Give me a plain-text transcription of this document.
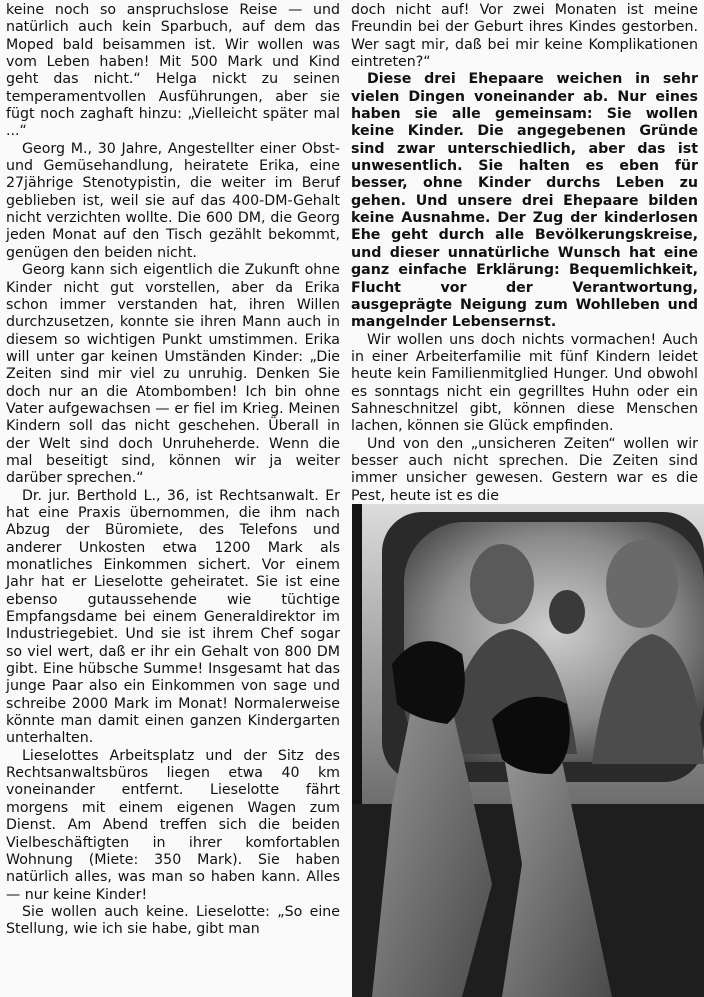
keine noch so anspruchslose Reise — und natürlich auch kein Sparbuch, auf dem das Moped bald beisammen ist. Wir wollen was vom Leben haben! Mit 500 Mark und Kind geht das nicht.“ Helga nickt zu seinen temperamentvollen Ausführungen, aber sie fügt noch zaghaft hinzu: „Vielleicht später mal ...“

Georg M., 30 Jahre, Angestellter einer Obst- und Gemüsehandlung, heiratete Erika, eine 27jährige Stenotypistin, die weiter im Beruf geblieben ist, weil sie auf das 400-DM-Gehalt nicht verzichten wollte. Die 600 DM, die Georg jeden Monat auf den Tisch gezählt bekommt, genügen den beiden nicht.

Georg kann sich eigentlich die Zukunft ohne Kinder nicht gut vorstellen, aber da Erika schon immer verstanden hat, ihren Willen durchzusetzen, konnte sie ihren Mann auch in diesem so wichtigen Punkt umstimmen. Erika will unter gar keinen Umständen Kinder: „Die Zeiten sind mir viel zu unruhig. Denken Sie doch nur an die Atombomben! Ich bin ohne Vater aufgewachsen — er fiel im Krieg. Meinen Kindern soll das nicht geschehen. Überall in der Welt sind doch Unruheherde. Wenn die mal beseitigt sind, können wir ja weiter darüber sprechen.“

Dr. jur. Berthold L., 36, ist Rechtsanwalt. Er hat eine Praxis übernommen, die ihm nach Abzug der Büromiete, des Telefons und anderer Unkosten etwa 1200 Mark als monatliches Einkommen sichert. Vor einem Jahr hat er Lieselotte geheiratet. Sie ist eine ebenso gutaussehende wie tüchtige Empfangsdame bei einem Generaldirektor im Industriegebiet. Und sie ist ihrem Chef sogar so viel wert, daß er ihr ein Gehalt von 800 DM gibt. Eine hübsche Summe! Insgesamt hat das junge Paar also ein Einkommen von sage und schreibe 2000 Mark im Monat! Normalerweise könnte man damit einen ganzen Kindergarten unterhalten.

Lieselottes Arbeitsplatz und der Sitz des Rechtsanwaltsbüros liegen etwa 40 km voneinander entfernt. Lieselotte fährt morgens mit einem eigenen Wagen zum Dienst. Am Abend treffen sich die beiden Vielbeschäftigten in ihrer komfortablen Wohnung (Miete: 350 Mark). Sie haben natürlich alles, was man so haben kann. Alles — nur keine Kinder!

Sie wollen auch keine. Lieselotte: „So eine Stellung, wie ich sie habe, gibt man

doch nicht auf! Vor zwei Monaten ist meine Freundin bei der Geburt ihres Kindes gestorben. Wer sagt mir, daß bei mir keine Komplikationen eintreten?“

Diese drei Ehepaare weichen in sehr vielen Dingen voneinander ab. Nur eines haben sie alle gemeinsam: Sie wollen keine Kinder. Die angegebenen Gründe sind zwar unterschiedlich, aber das ist unwesentlich. Sie halten es eben für besser, ohne Kinder durchs Leben zu gehen. Und unsere drei Ehepaare bilden keine Ausnahme. Der Zug der kinderlosen Ehe geht durch alle Bevölkerungskreise, und dieser unnatürliche Wunsch hat eine ganz einfache Erklärung: Bequemlichkeit, Flucht vor der Verantwortung, ausgeprägte Neigung zum Wohlleben und mangelnder Lebensernst.

Wir wollen uns doch nichts vormachen! Auch in einer Arbeiterfamilie mit fünf Kindern leidet heute kein Familienmitglied Hunger. Und obwohl es sonntags nicht ein gegrilltes Huhn oder ein Sahneschnitzel gibt, können diese Menschen lachen, können sie Glück empfinden.

Und von den „unsicheren Zeiten“ wollen wir besser auch nicht sprechen. Die Zeiten sind immer unsicher gewesen. Gestern war es die Pest, heute ist es die
